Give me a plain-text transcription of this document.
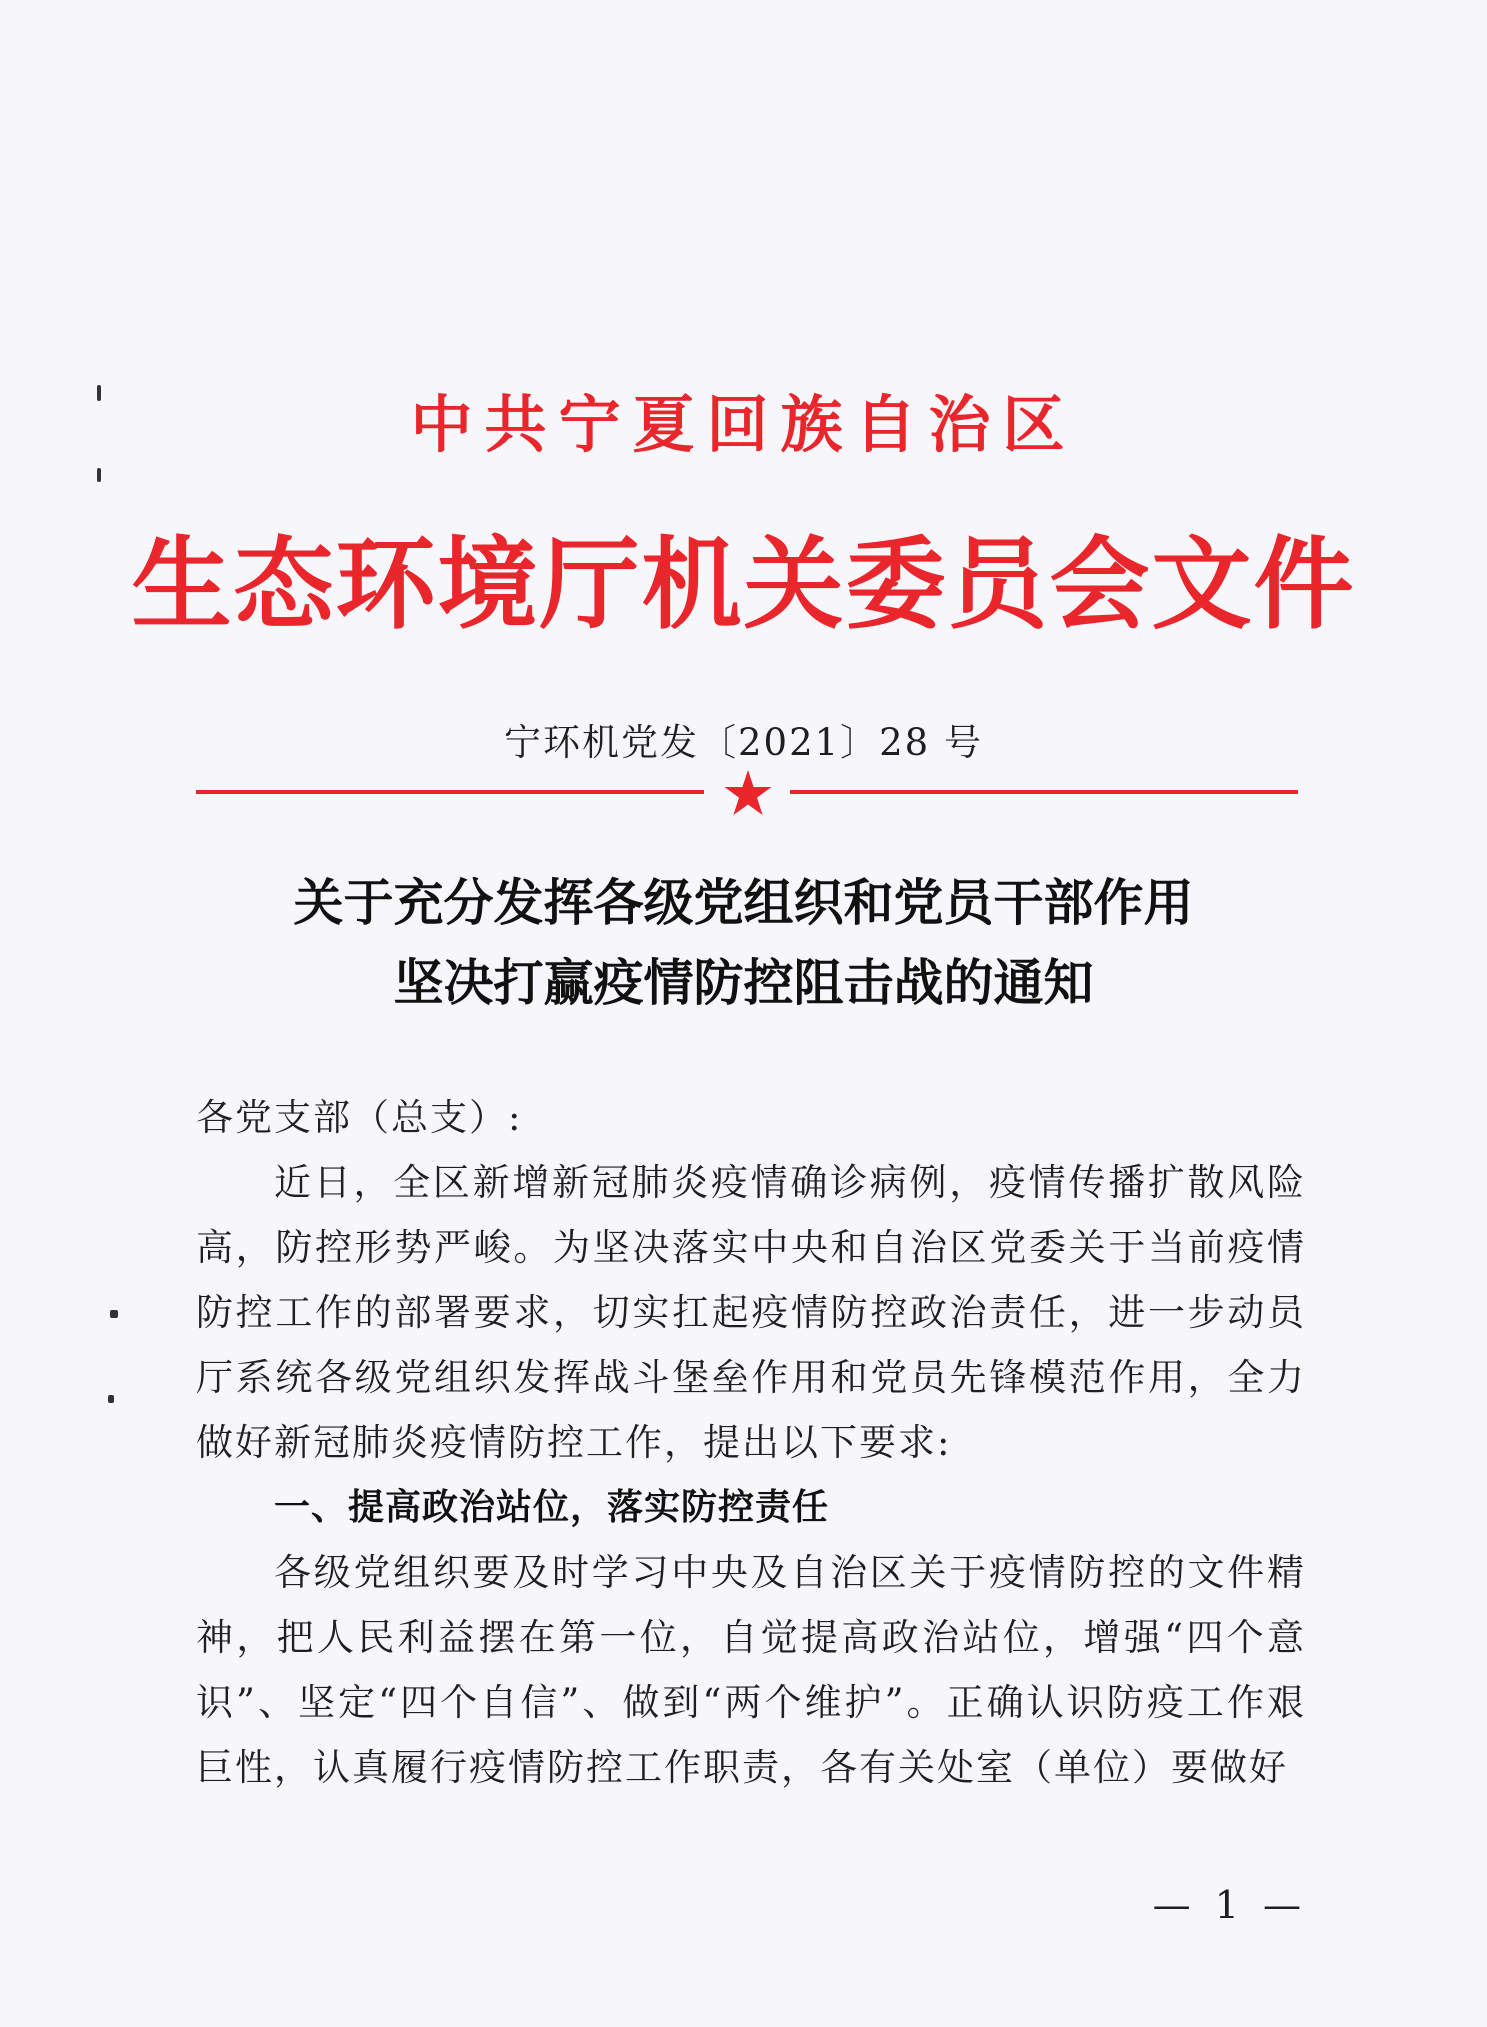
中共宁夏回族自治区
生态环境厅机关委员会文件
宁环机党发〔2021〕28 号
关于充分发挥各级党组织和党员干部作用
坚决打赢疫情防控阻击战的通知
各党支部（总支）:
近日，全区新增新冠肺炎疫情确诊病例，疫情传播扩散风险高，防控形势严峻。为坚决落实中央和自治区党委关于当前疫情防控工作的部署要求，切实扛起疫情防控政治责任，进一步动员厅系统各级党组织发挥战斗堡垒作用和党员先锋模范作用，全力做好新冠肺炎疫情防控工作，提出以下要求:
一、提高政治站位，落实防控责任
各级党组织要及时学习中央及自治区关于疫情防控的文件精神，把人民利益摆在第一位，自觉提高政治站位，增强“四个意识”、坚定“四个自信”、做到“两个维护”。正确认识防疫工作艰巨性，认真履行疫情防控工作职责，各有关处室（单位）要做好
— 1 —
